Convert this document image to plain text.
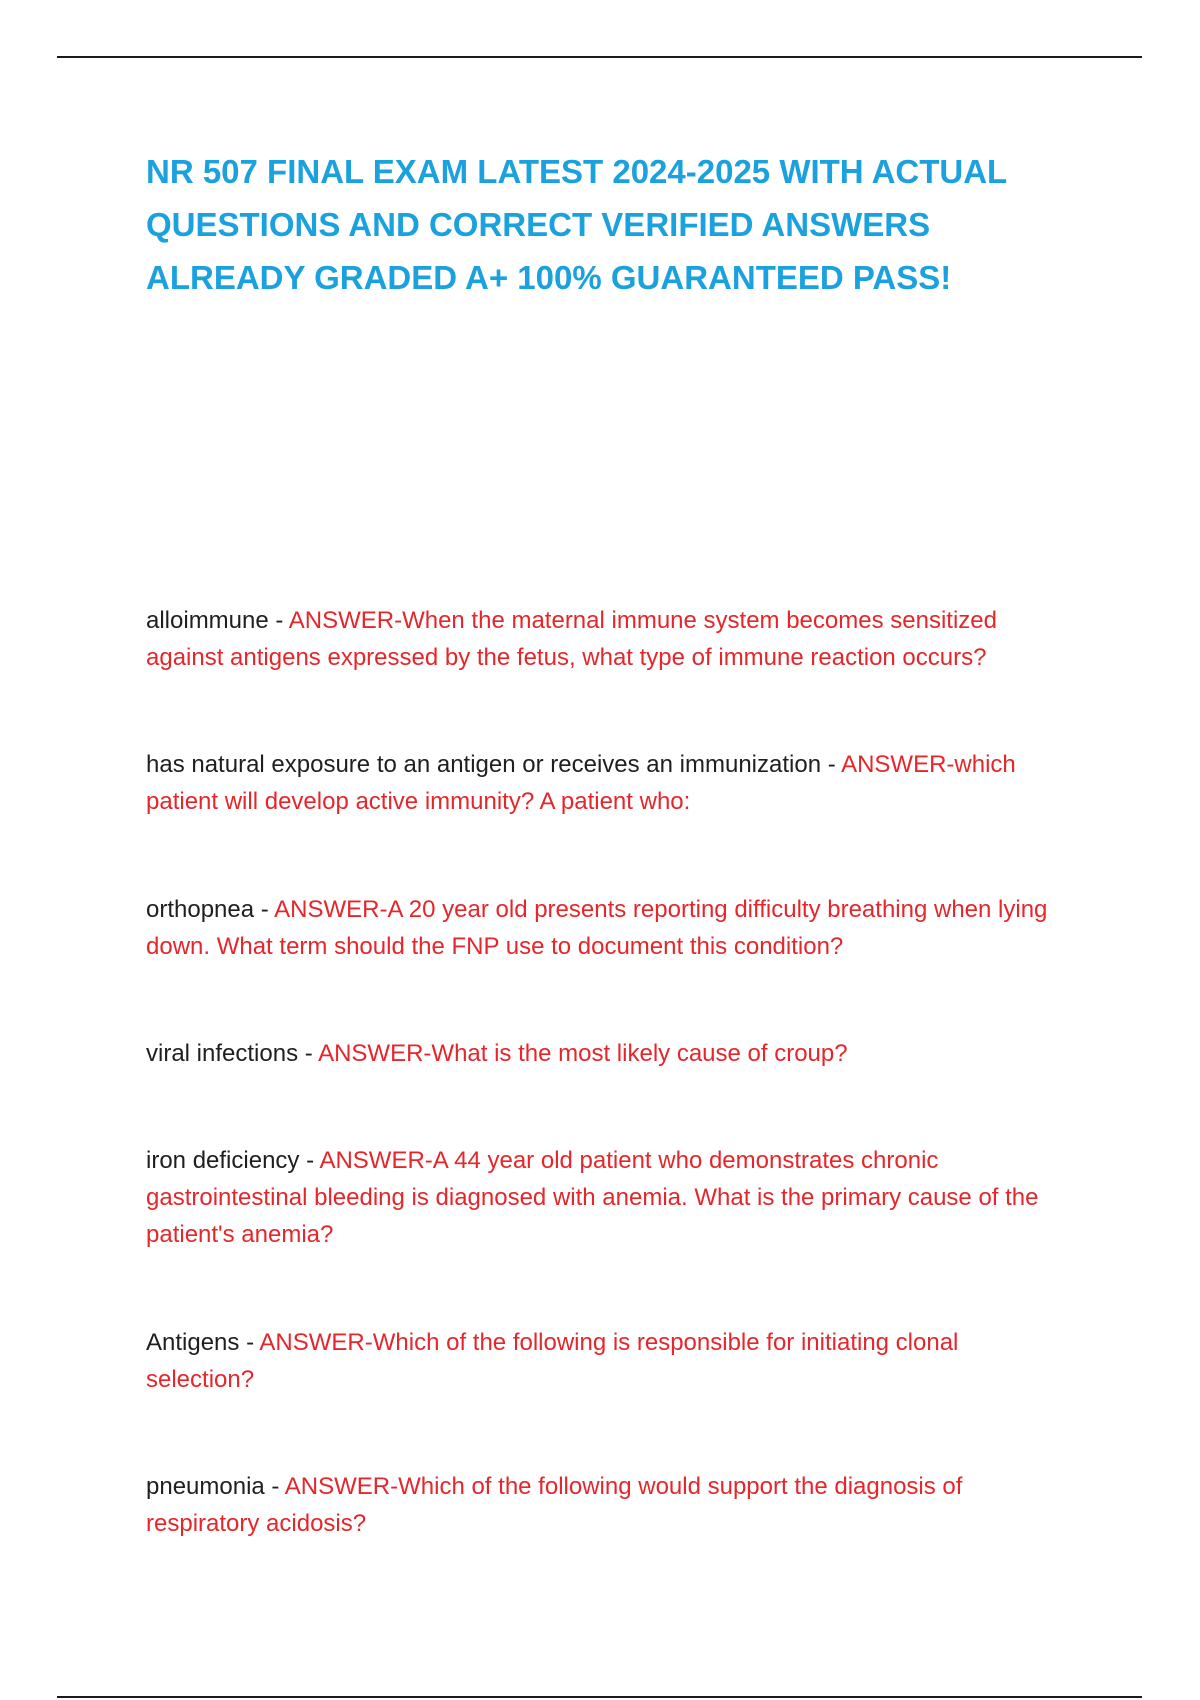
NR 507 FINAL EXAM LATEST 2024-2025 WITH ACTUAL QUESTIONS AND CORRECT VERIFIED ANSWERS ALREADY GRADED A+ 100% GUARANTEED PASS!

alloimmune - ANSWER-When the maternal immune system becomes sensitized against antigens expressed by the fetus, what type of immune reaction occurs?

has natural exposure to an antigen or receives an immunization - ANSWER-which patient will develop active immunity? A patient who:

orthopnea - ANSWER-A 20 year old presents reporting difficulty breathing when lying down. What term should the FNP use to document this condition?

viral infections - ANSWER-What is the most likely cause of croup?

iron deficiency - ANSWER-A 44 year old patient who demonstrates chronic gastrointestinal bleeding is diagnosed with anemia. What is the primary cause of the patient's anemia?

Antigens - ANSWER-Which of the following is responsible for initiating clonal selection?

pneumonia - ANSWER-Which of the following would support the diagnosis of respiratory acidosis?
